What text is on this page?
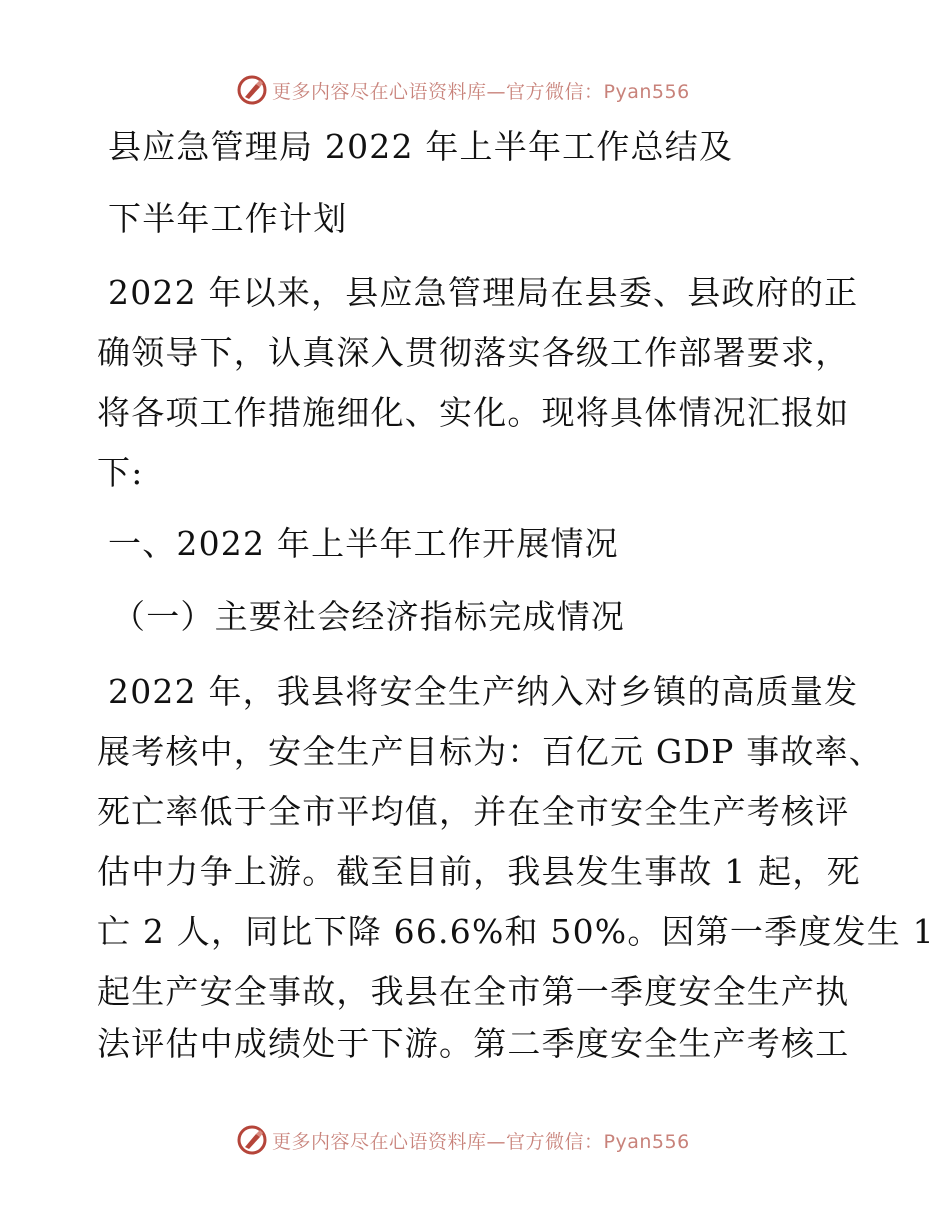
更多内容尽在心语资料库—官方微信：Pyan556
县应急管理局 2022 年上半年工作总结及
下半年工作计划
2022 年以来，县应急管理局在县委、县政府的正
确领导下，认真深入贯彻落实各级工作部署要求，
将各项工作措施细化、实化。现将具体情况汇报如
下:
一、2022 年上半年工作开展情况
（一）主要社会经济指标完成情况
2022 年，我县将安全生产纳入对乡镇的高质量发
展考核中，安全生产目标为：百亿元 GDP 事故率、
死亡率低于全市平均值，并在全市安全生产考核评
估中力争上游。截至目前，我县发生事故 1 起，死
亡 2 人，同比下降 66.6%和 50%。因第一季度发生 1
起生产安全事故，我县在全市第一季度安全生产执
法评估中成绩处于下游。第二季度安全生产考核工
更多内容尽在心语资料库—官方微信：Pyan556
